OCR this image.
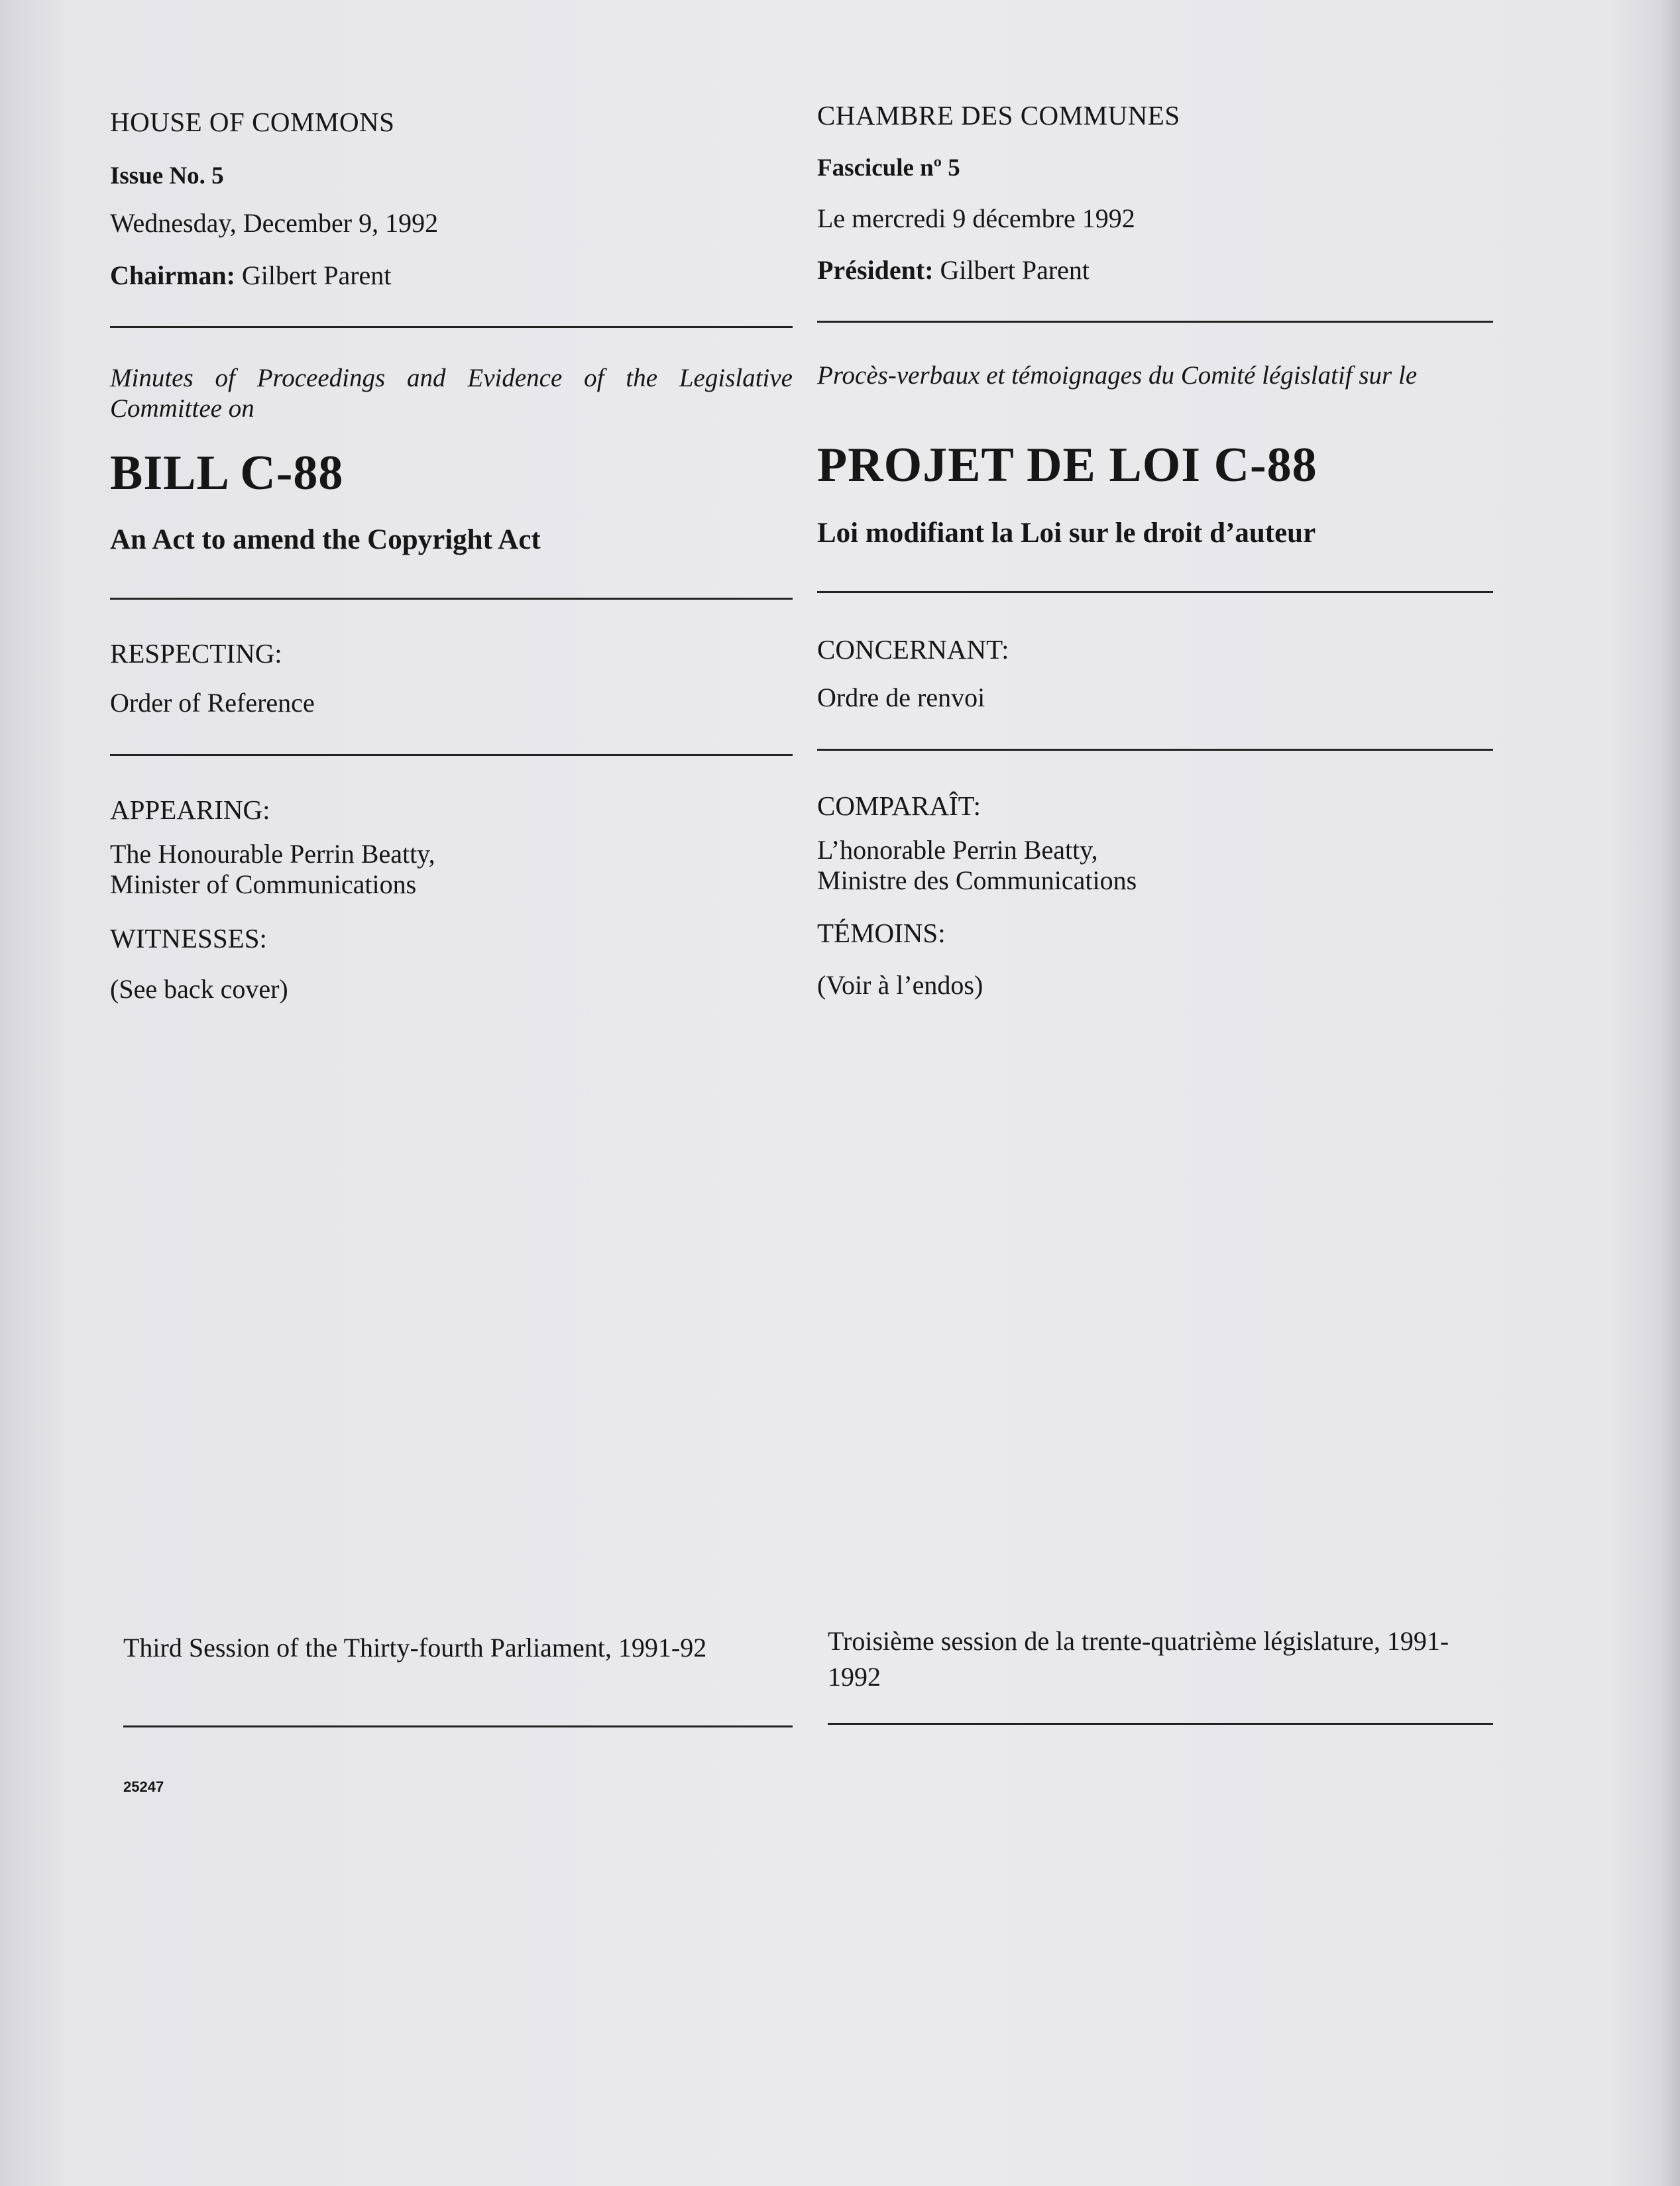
HOUSE OF COMMONS
Issue No. 5
Wednesday, December 9, 1992
Chairman: Gilbert Parent
Minutes of Proceedings and Evidence of the Legislative Committee on
BILL C-88
An Act to amend the Copyright Act
RESPECTING:
Order of Reference
APPEARING:
The Honourable Perrin Beatty,
Minister of Communications
WITNESSES:
(See back cover)
Third Session of the Thirty-fourth Parliament, 1991-92
25247
CHAMBRE DES COMMUNES
Fascicule nº 5
Le mercredi 9 décembre 1992
Président: Gilbert Parent
Procès-verbaux et témoignages du Comité législatif sur le
PROJET DE LOI C-88
Loi modifiant la Loi sur le droit d’auteur
CONCERNANT:
Ordre de renvoi
COMPARAÎT:
L’honorable Perrin Beatty,
Ministre des Communications
TÉMOINS:
(Voir à l’endos)
Troisième session de la trente-quatrième législature, 1991-1992
